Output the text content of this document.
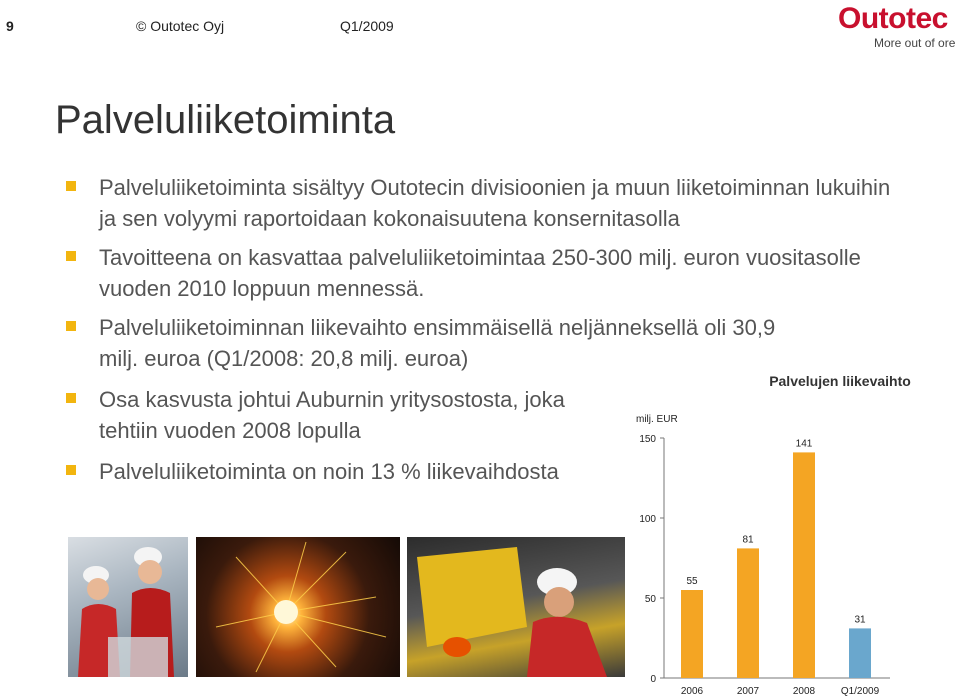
9	© Outotec Oyj	Q1/2009	Outotec
More out of ore
Palveluliiketoiminta
Palveluliiketoiminta sisältyy Outotecin divisioonien ja muun liiketoiminnan lukuihin ja sen volyymi raportoidaan kokonaisuutena konsernitasolla
Tavoitteena on kasvattaa palveluliiketoimintaa 250-300 milj. euron vuositasolle vuoden 2010 loppuun mennessä.
Palveluliiketoiminnan liikevaihto ensimmäisellä neljänneksellä oli 30,9 milj. euroa (Q1/2008: 20,8 milj. euroa)
Osa kasvusta johtui Auburnin yritysostosta, joka tehtiin vuoden 2008 lopulla
Palveluliiketoiminta on noin 13 % liikevaihdosta
Palvelujen liikevaihto
milj. EUR
0
50
100
150
55
2006
81
2007
141
2008
31
Q1/2009
